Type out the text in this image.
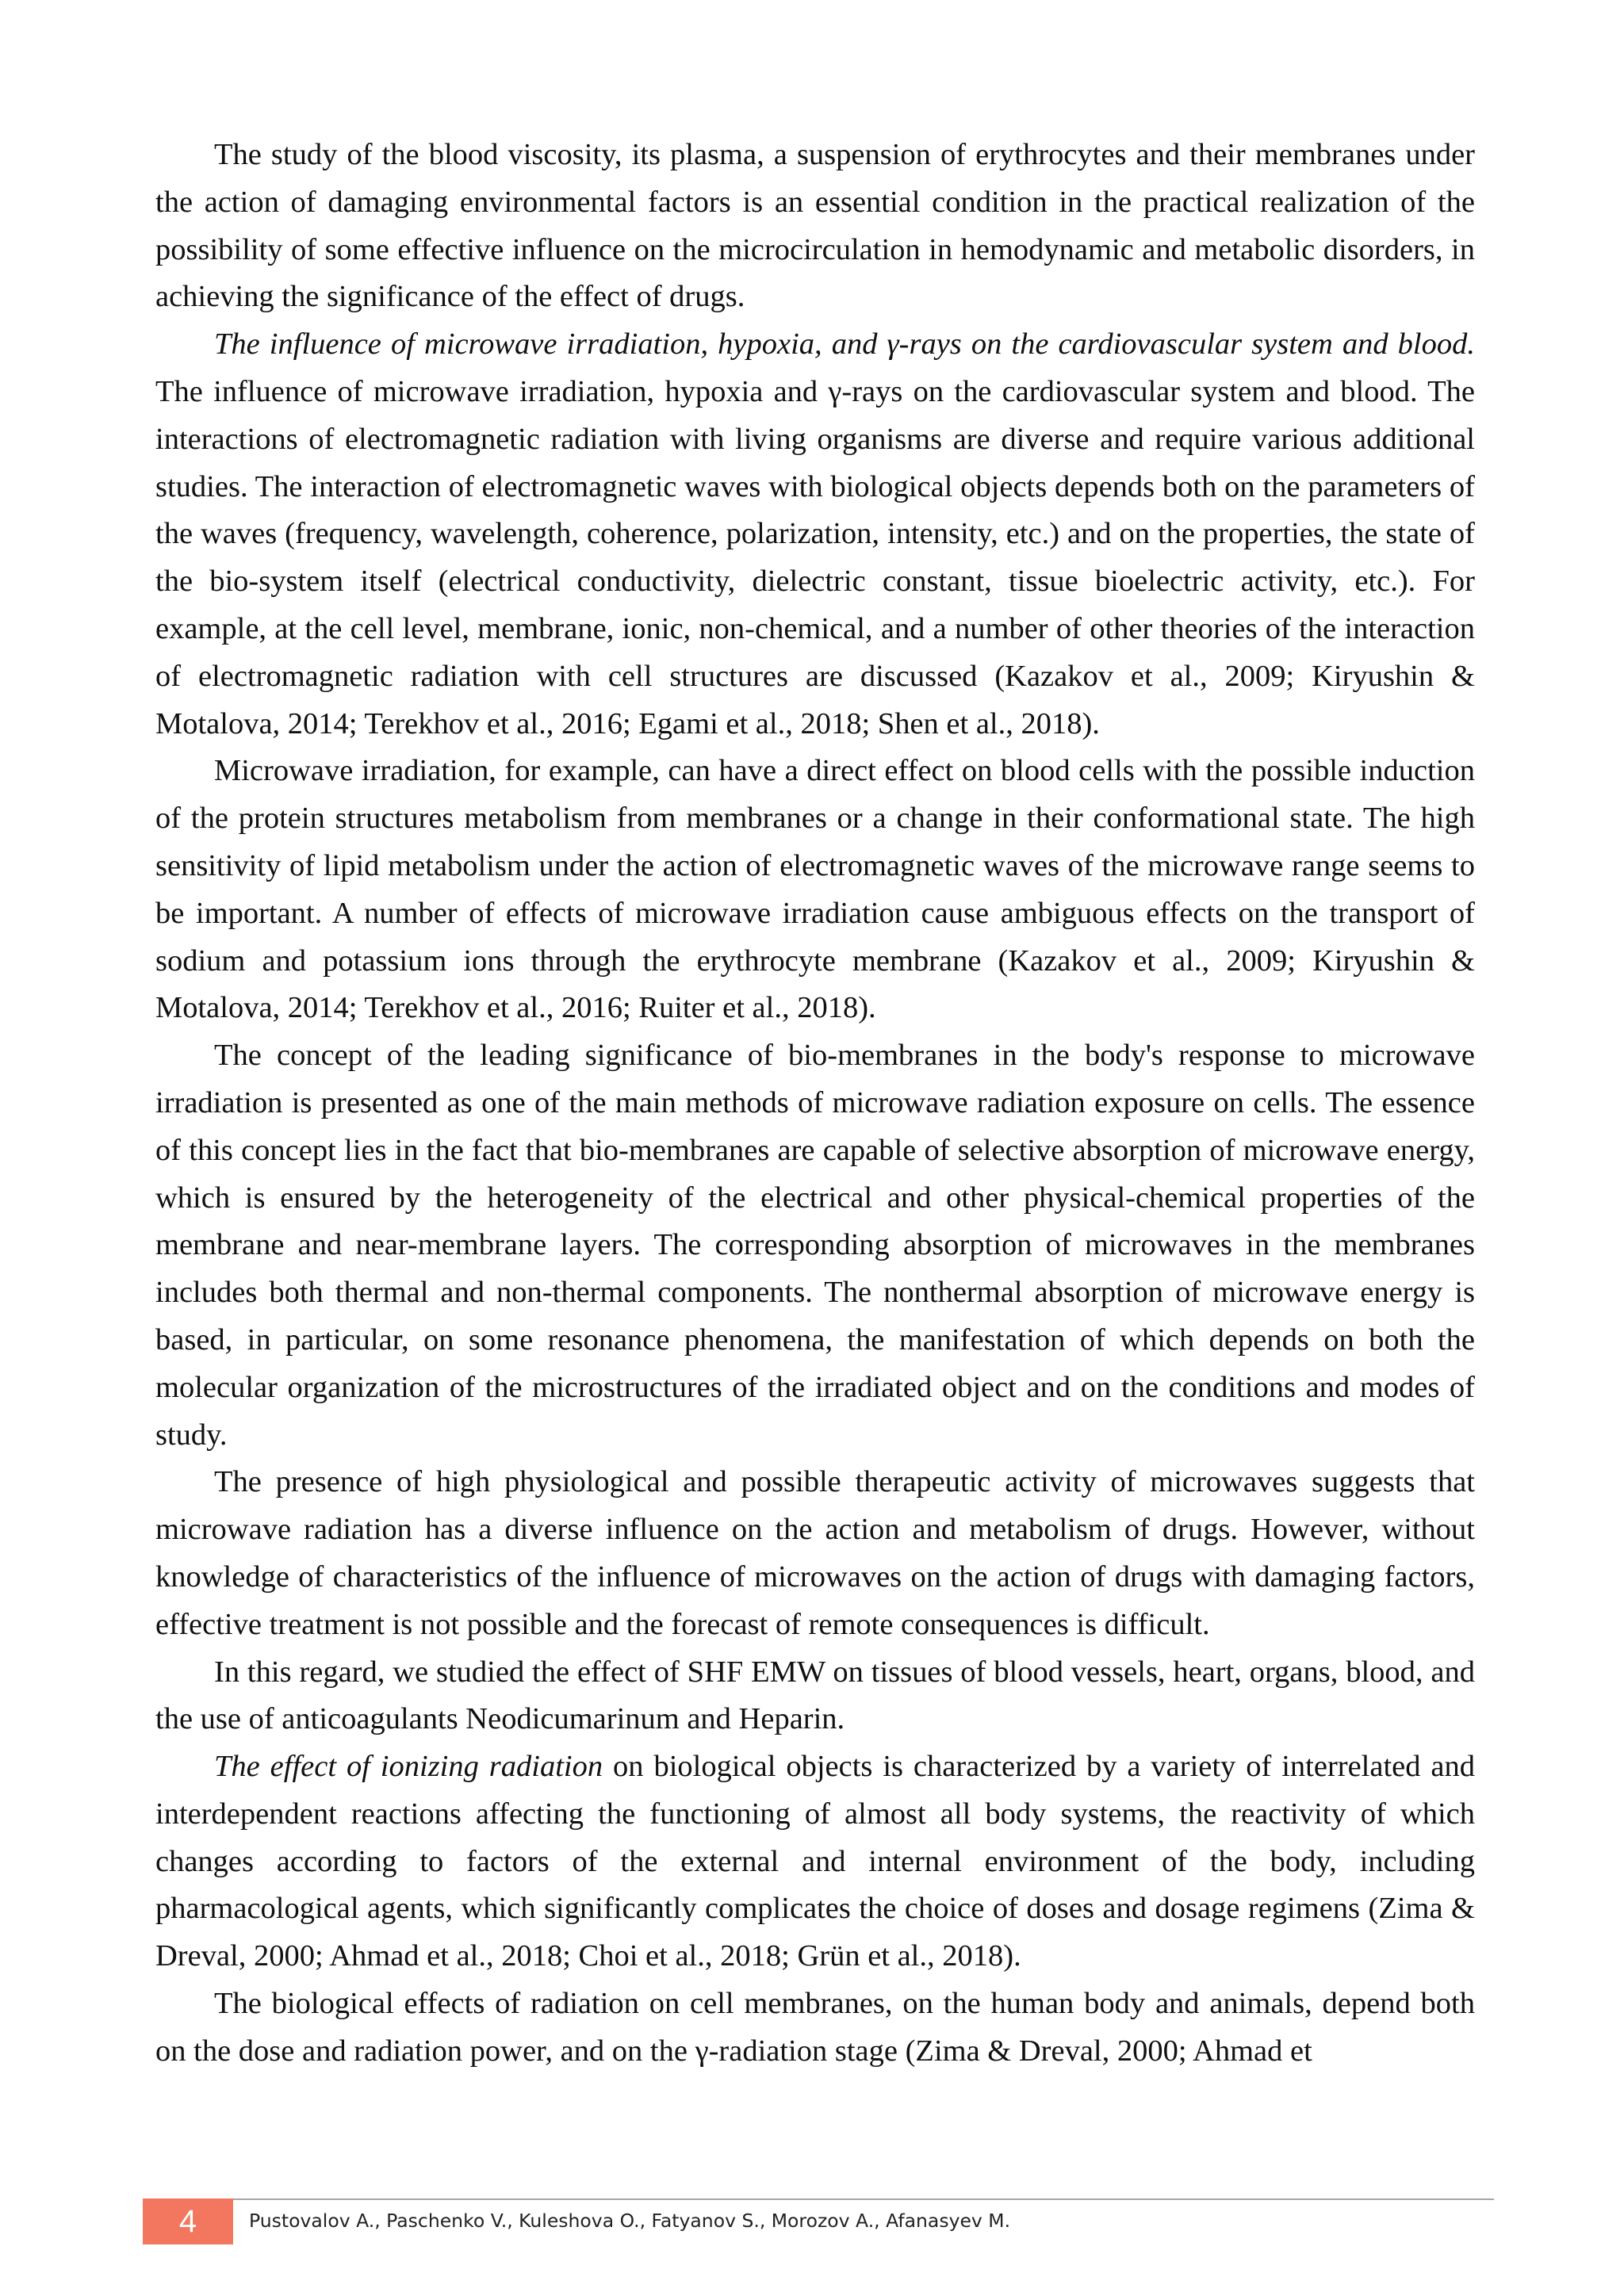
The study of the blood viscosity, its plasma, a suspension of erythrocytes and their membranes under the action of damaging environmental factors is an essential condition in the practical realization of the possibility of some effective influence on the microcirculation in hemodynamic and metabolic disorders, in achieving the significance of the effect of drugs.

The influence of microwave irradiation, hypoxia, and γ-rays on the cardiovascular system and blood. The influence of microwave irradiation, hypoxia and γ-rays on the cardiovascular system and blood. The interactions of electromagnetic radiation with living organisms are diverse and require various additional studies. The interaction of electromagnetic waves with biological objects depends both on the parameters of the waves (frequency, wavelength, coherence, polarization, intensity, etc.) and on the properties, the state of the bio-system itself (electrical conductivity, dielectric constant, tissue bioelectric activity, etc.). For example, at the cell level, membrane, ionic, non-chemical, and a number of other theories of the interaction of electromagnetic radiation with cell structures are discussed (Kazakov et al., 2009; Kiryushin & Motalova, 2014; Terekhov et al., 2016; Egami et al., 2018; Shen et al., 2018).

Microwave irradiation, for example, can have a direct effect on blood cells with the possible induction of the protein structures metabolism from membranes or a change in their conformational state. The high sensitivity of lipid metabolism under the action of electromagnetic waves of the microwave range seems to be important. A number of effects of microwave irradiation cause ambiguous effects on the transport of sodium and potassium ions through the erythrocyte membrane (Kazakov et al., 2009; Kiryushin & Motalova, 2014; Terekhov et al., 2016; Ruiter et al., 2018).

The concept of the leading significance of bio-membranes in the body's response to microwave irradiation is presented as one of the main methods of microwave radiation exposure on cells. The essence of this concept lies in the fact that bio-membranes are capable of selective absorption of microwave energy, which is ensured by the heterogeneity of the electrical and other physical-chemical properties of the membrane and near-membrane layers. The corresponding absorption of microwaves in the membranes includes both thermal and non-thermal components. The nonthermal absorption of microwave energy is based, in particular, on some resonance phenomena, the manifestation of which depends on both the molecular organization of the microstructures of the irradiated object and on the conditions and modes of study.

The presence of high physiological and possible therapeutic activity of microwaves suggests that microwave radiation has a diverse influence on the action and metabolism of drugs. However, without knowledge of characteristics of the influence of microwaves on the action of drugs with damaging factors, effective treatment is not possible and the forecast of remote consequences is difficult.

In this regard, we studied the effect of SHF EMW on tissues of blood vessels, heart, organs, blood, and the use of anticoagulants Neodicumarinum and Heparin.

The effect of ionizing radiation on biological objects is characterized by a variety of interrelated and interdependent reactions affecting the functioning of almost all body systems, the reactivity of which changes according to factors of the external and internal environment of the body, including pharmacological agents, which significantly complicates the choice of doses and dosage regimens (Zima & Dreval, 2000; Ahmad et al., 2018; Choi et al., 2018; Grün et al., 2018).

The biological effects of radiation on cell membranes, on the human body and animals, depend both on the dose and radiation power, and on the γ-radiation stage (Zima & Dreval, 2000; Ahmad et

4	Pustovalov A., Paschenko V., Kuleshova O., Fatyanov S., Morozov A., Afanasyev M.
